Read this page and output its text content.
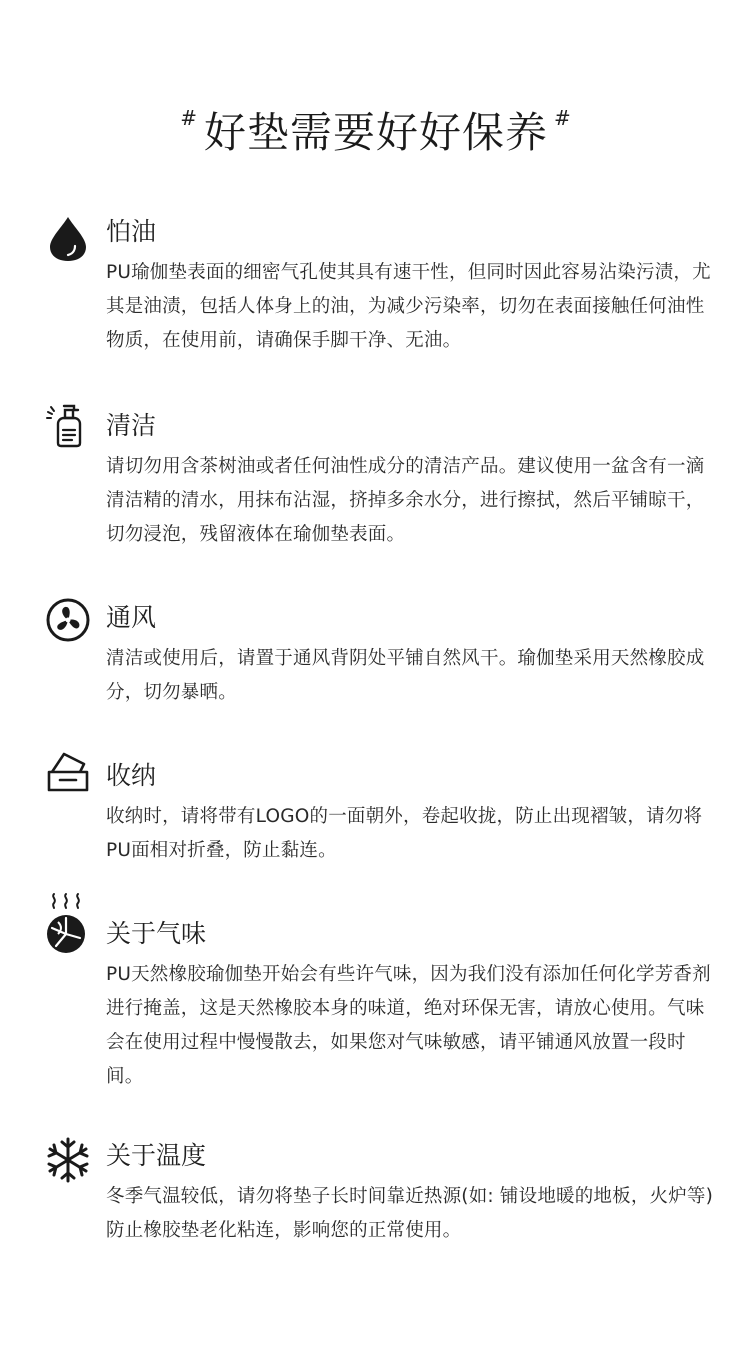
# 好垫需要好好保养 #
怕油
PU瑜伽垫表面的细密气孔使其具有速干性，但同时因此容易沾染污渍，尤其是油渍，包括人体身上的油，为减少污染率，切勿在表面接触任何油性物质，在使用前，请确保手脚干净、无油。
清洁
请切勿用含茶树油或者任何油性成分的清洁产品。建议使用一盆含有一滴清洁精的清水，用抹布沾湿，挤掉多余水分，进行擦拭，然后平铺晾干，切勿浸泡，残留液体在瑜伽垫表面。
通风
清洁或使用后，请置于通风背阴处平铺自然风干。瑜伽垫采用天然橡胶成分，切勿暴晒。
收纳
收纳时，请将带有LOGO的一面朝外，卷起收拢，防止出现褶皱，请勿将PU面相对折叠，防止黏连。
关于气味
PU天然橡胶瑜伽垫开始会有些许气味，因为我们没有添加任何化学芳香剂进行掩盖，这是天然橡胶本身的味道，绝对环保无害，请放心使用。气味会在使用过程中慢慢散去，如果您对气味敏感，请平铺通风放置一段时间。
关于温度
冬季气温较低，请勿将垫子长时间靠近热源(如: 铺设地暖的地板，火炉等)防止橡胶垫老化粘连，影响您的正常使用。
